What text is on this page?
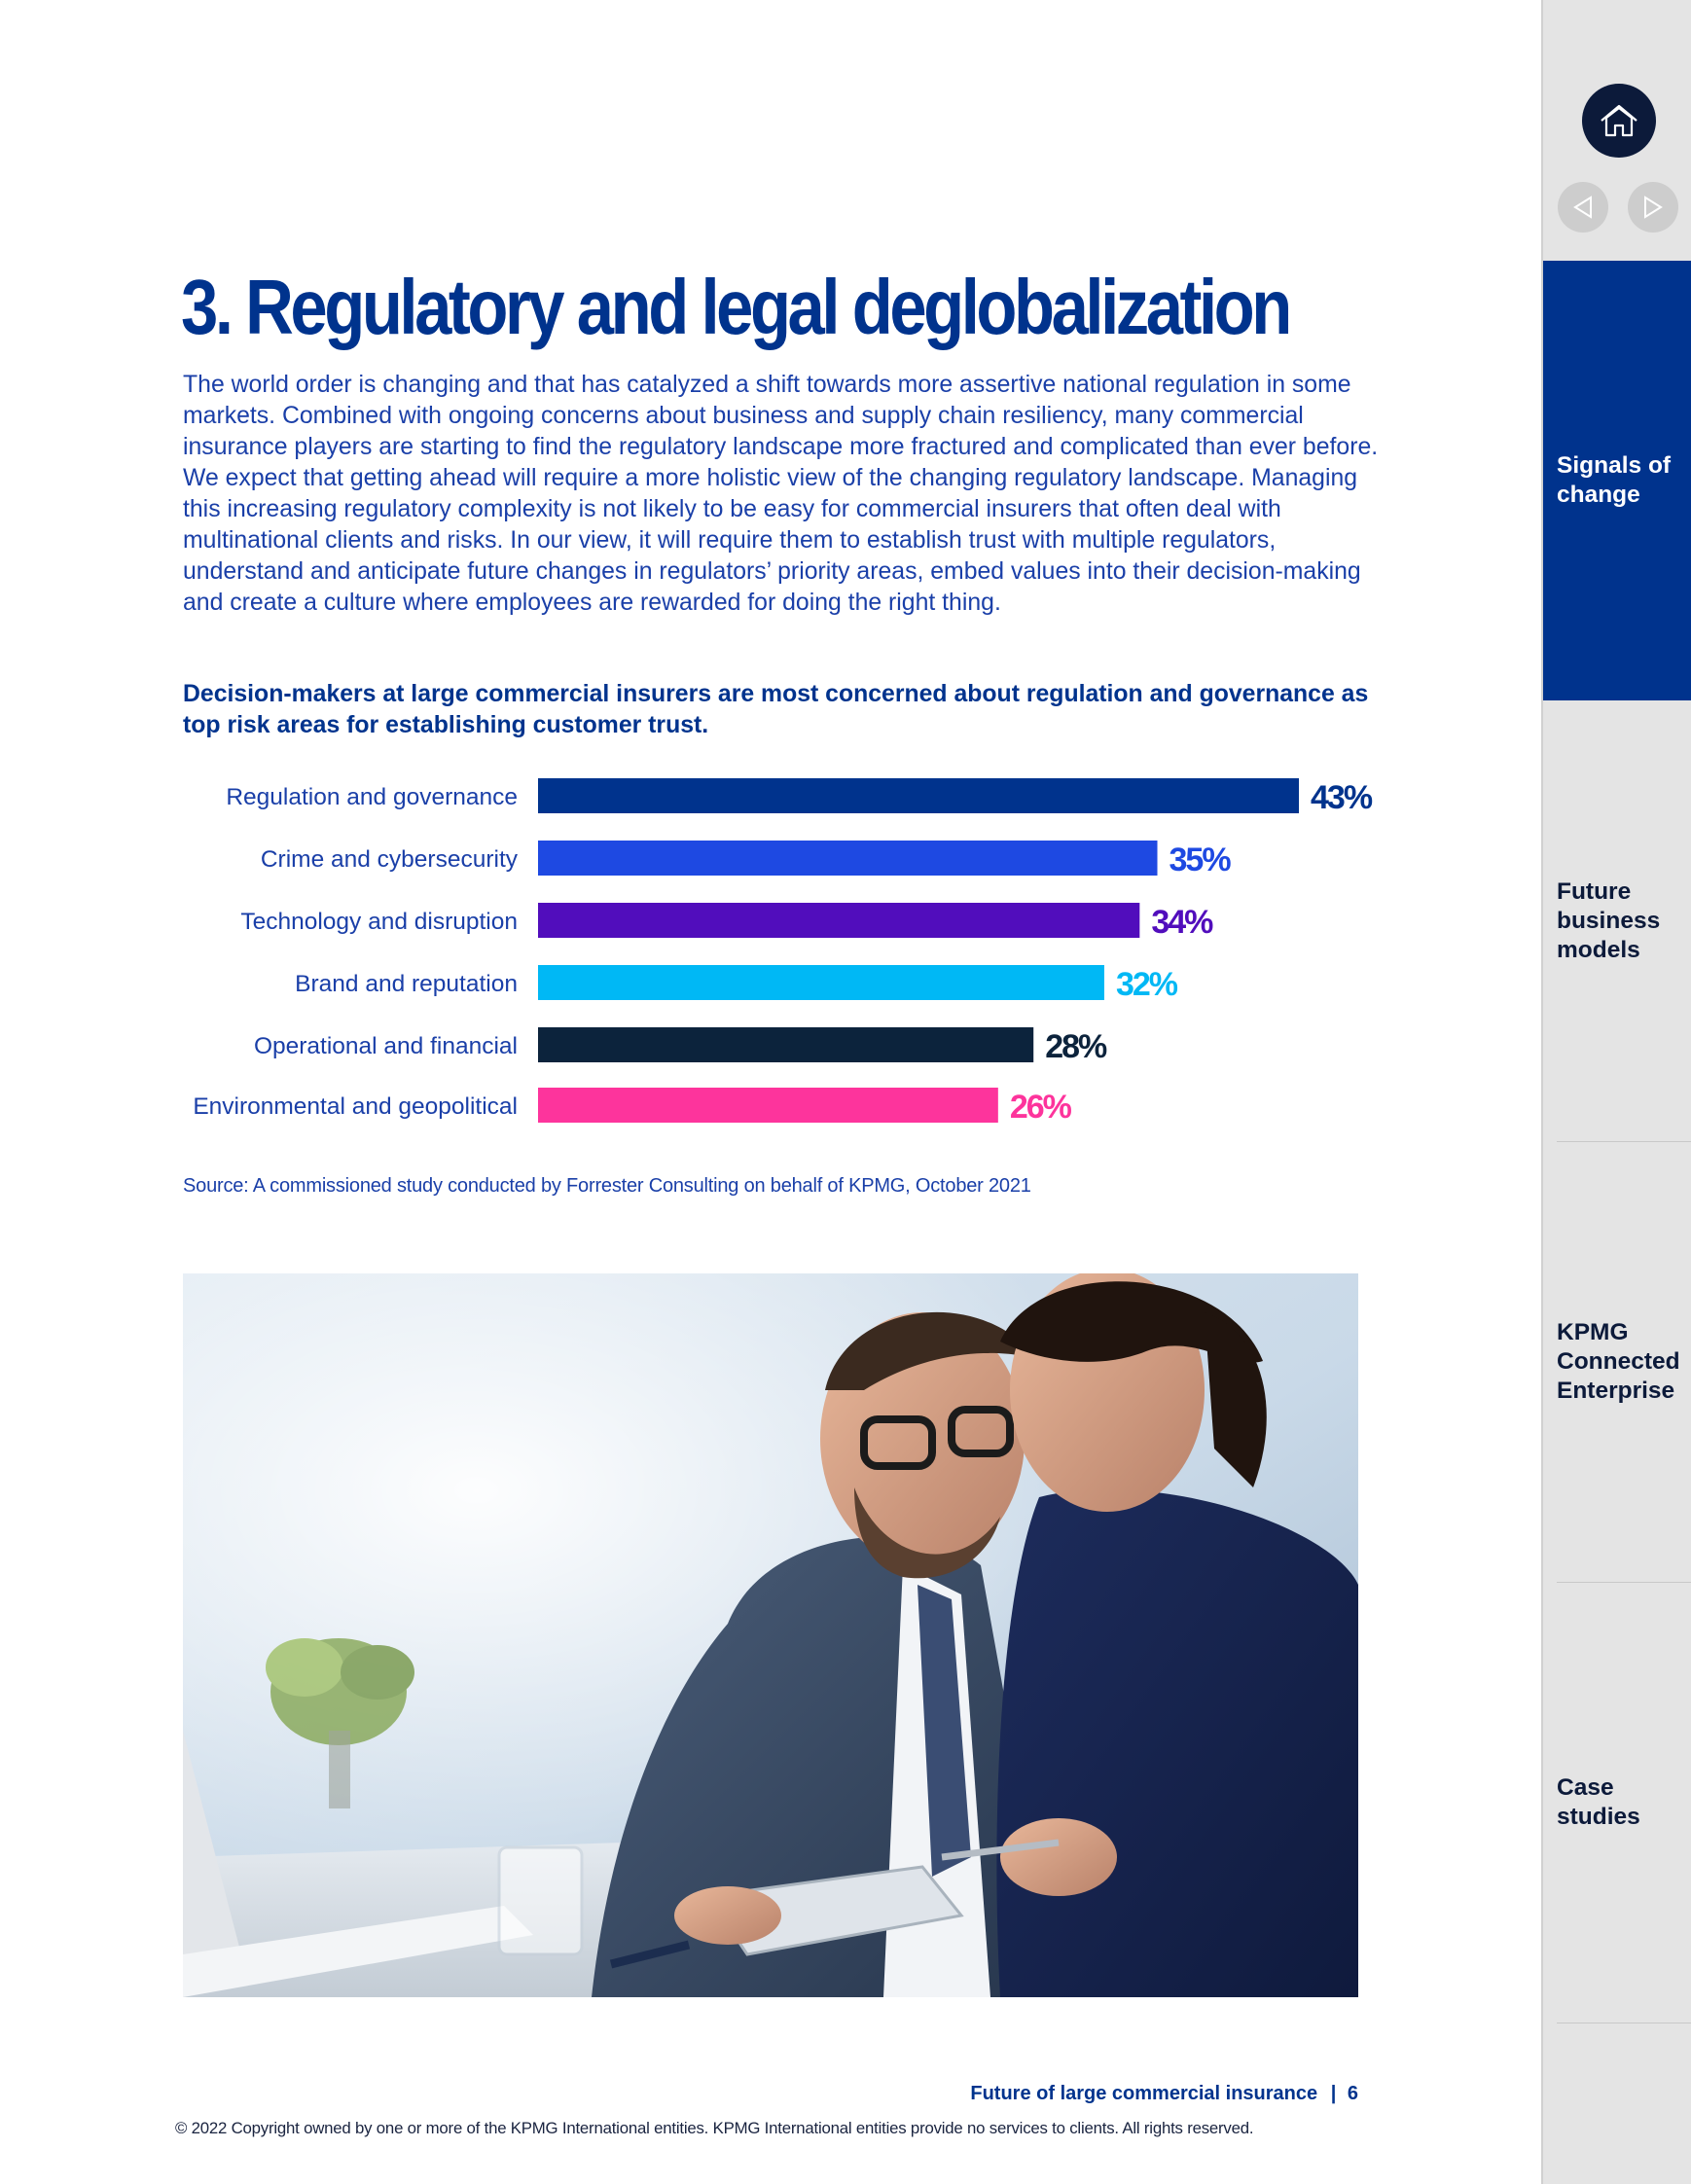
3. Regulatory and legal deglobalization
The world order is changing and that has catalyzed a shift towards more assertive national regulation in some markets. Combined with ongoing concerns about business and supply chain resiliency, many commercial insurance players are starting to find the regulatory landscape more fractured and complicated than ever before. We expect that getting ahead will require a more holistic view of the changing regulatory landscape. Managing this increasing regulatory complexity is not likely to be easy for commercial insurers that often deal with multinational clients and risks. In our view, it will require them to establish trust with multiple regulators, understand and anticipate future changes in regulators’ priority areas, embed values into their decision-making and create a culture where employees are rewarded for doing the right thing.
Decision-makers at large commercial insurers are most concerned about regulation and governance as top risk areas for establishing customer trust.
Regulation and governance	43%
Crime and cybersecurity	35%
Technology and disruption	34%
Brand and reputation	32%
Operational and financial	28%
Environmental and geopolitical	26%
Source: A commissioned study conducted by Forrester Consulting on behalf of KPMG, October 2021
Future of large commercial insurance | 6
© 2022 Copyright owned by one or more of the KPMG International entities. KPMG International entities provide no services to clients. All rights reserved.
Signals of change
Future business models
KPMG Connected Enterprise
Case studies
